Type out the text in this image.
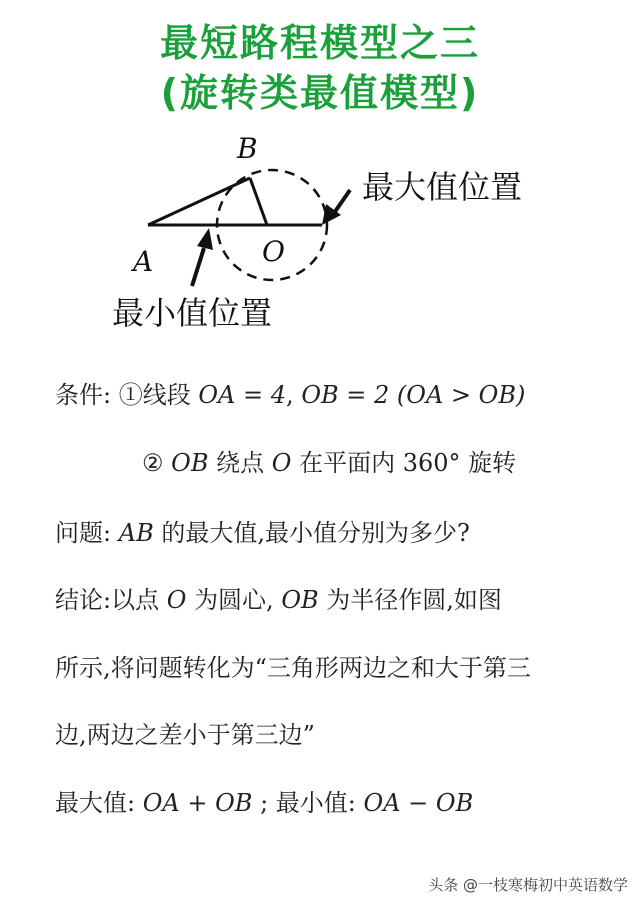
最短路程模型之三
(旋转类最值模型)
B
A	O
最大值位置
最小值位置
条件: ①线段 OA = 4, OB = 2 (OA > OB)
② OB 绕点 O 在平面内 360° 旋转
问题: AB 的最大值,最小值分别为多少?
结论:以点 O 为圆心, OB 为半径作圆,如图
所示,将问题转化为“三角形两边之和大于第三
边,两边之差小于第三边”
最大值: OA + OB ; 最小值: OA − OB
头条 @一枝寒梅初中英语数学
